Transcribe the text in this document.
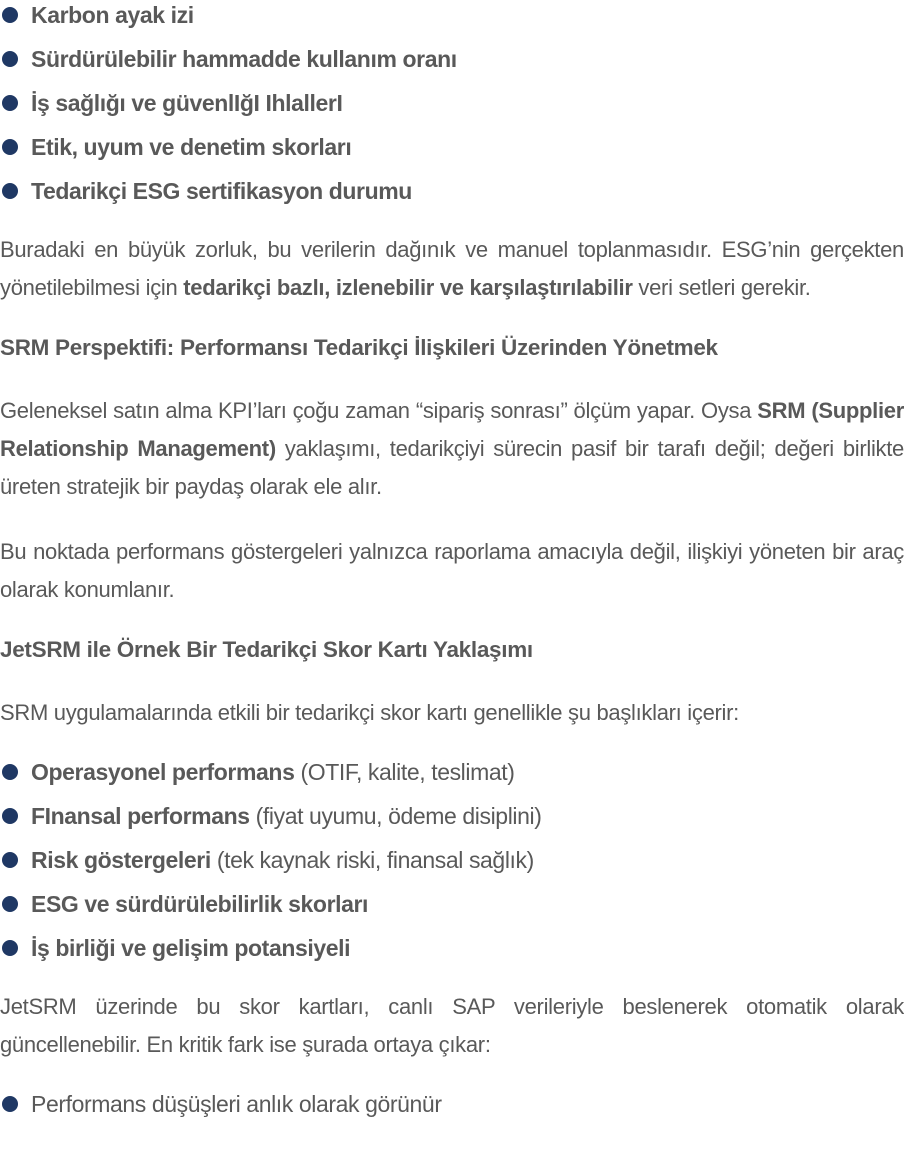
Karbon ayak izi
Sürdürülebilir hammadde kullanım oranı
İş sağlığı ve güvenlIğI IhlallerI
Etik, uyum ve denetim skorları
Tedarikçi ESG sertifikasyon durumu

Buradaki en büyük zorluk, bu verilerin dağınık ve manuel toplanmasıdır. ESG’nin gerçekten yönetilebilmesi için tedarikçi bazlı, izlenebilir ve karşılaştırılabilir veri setleri gerekir.

SRM Perspektifi: Performansı Tedarikçi İlişkileri Üzerinden Yönetmek

Geleneksel satın alma KPI’ları çoğu zaman “sipariş sonrası” ölçüm yapar. Oysa SRM (Supplier Relationship Management) yaklaşımı, tedarikçiyi sürecin pasif bir tarafı değil; değeri birlikte üreten stratejik bir paydaş olarak ele alır.

Bu noktada performans göstergeleri yalnızca raporlama amacıyla değil, ilişkiyi yöneten bir araç olarak konumlanır.

JetSRM ile Örnek Bir Tedarikçi Skor Kartı Yaklaşımı

SRM uygulamalarında etkili bir tedarikçi skor kartı genellikle şu başlıkları içerir:

Operasyonel performans (OTIF, kalite, teslimat)
FInansal performans (fiyat uyumu, ödeme disiplini)
Risk göstergeleri (tek kaynak riski, finansal sağlık)
ESG ve sürdürülebilirlik skorları
İş birliği ve gelişim potansiyeli

JetSRM üzerinde bu skor kartları, canlı SAP verileriyle beslenerek otomatik olarak güncellenebilir. En kritik fark ise şurada ortaya çıkar:

Performans düşüşleri anlık olarak görünür
